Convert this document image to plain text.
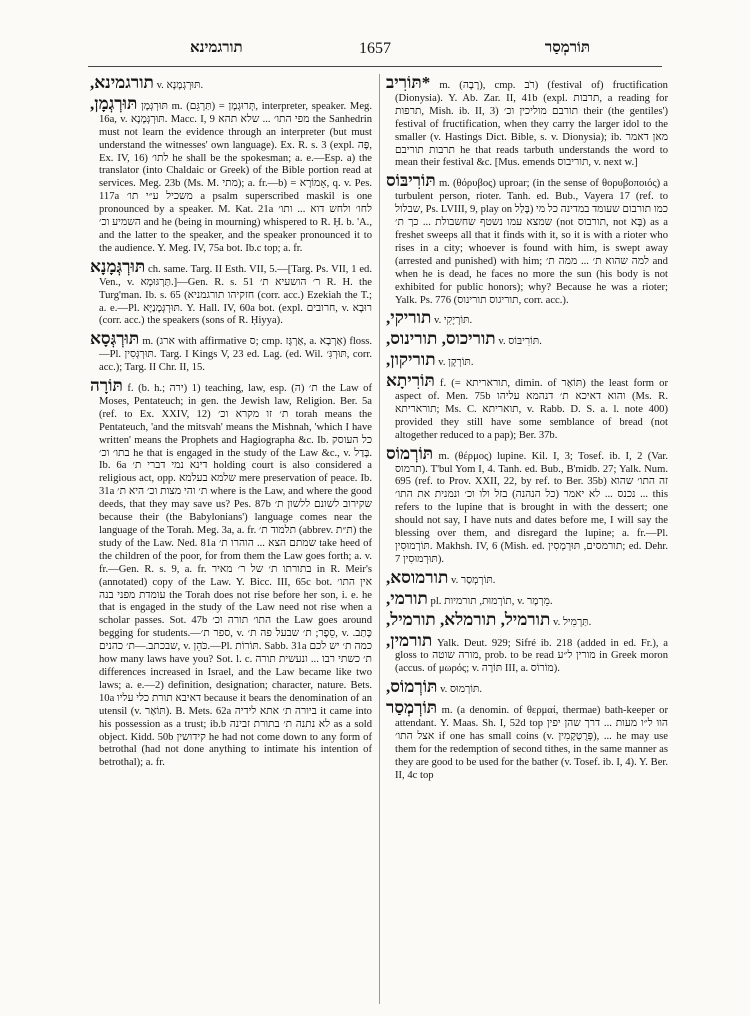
תורגמינא	1657	תּוֹרמְסַר

תורגמינא, v. תּוּרְגְמָנָא.

תּוּרְגְמָן, תּוּרְגְּמָן m. (תַּרְגֵּם) = תְּרוּגְמָן, interpreter, speaker. Meg. 16a, v. תּוּרְגְּמָנָא. Macc. I, 9 מפי התו׳ ... שלא תהא the Sanhedrin must not learn the evidence through an interpreter (but must understand the witnesses' own language). Ex. R. s. 3 (expl. פֶּה, Ex. IV, 16) לתו׳ he shall be the spokesman; a. e.—Esp. a) the translator (into Chaldaic or Greek) of the Bible portion read at services. Meg. 23b (Ms. M. מתי); a. fr.—b) = אָמוֹרָא, q. v. Pes. 117a משכיל ע״י תו׳ a psalm superscribed maskil is one pronounced by a speaker. M. Kat. 21a לחו׳ ולחש דוא ... ותו׳ השמיע וכ׳ and he (being in mourning) whispered to R. Ḥ. b. 'A., and the latter to the speaker, and the speaker pronounced it to the audience. Y. Meg. IV, 75a bot. Ib.c top; a. fr.

תּוּרְגְּמָנָא ch. same. Targ. II Esth. VII, 5.—[Targ. Ps. VII, 1 ed. Ven., v. תַּרְגּוּמָא.]—Gen. R. s. 51 ר׳ הושעיא ת׳ R. H. the Turg'man. Ib. s. 65 (חזקיהו תורגמניא (corr. acc.) Ezekiah the T.; a. e.—Pl. תּוּרְגְּמָנַיָּא. Y. Hall. IV, 60a bot. (expl. חרובים, v. רוּבָא (corr. acc.) the speakers (sons of R. Ḥiyya).

תּוּרְגְּסָא m. (ארג with affirmative ס; cmp. אַרְגָּז, a. אַרְבָא) floss.—Pl. תּוּרְגְּסִין. Targ. I Kings V, 23 ed. Lag. (ed. Wil. תּוּרְגִּ׳, corr. acc.); Targ. II Chr. II, 15.

תּוֹרָה f. (b. h.; ירה) 1) teaching, law, esp. ת׳ (ה) the Law of Moses, Pentateuch; in gen. the Jewish law, Religion. Ber. 5a (ref. to Ex. XXIV, 12) ת׳ זו מקרא וכ׳ torah means the Pentateuch, 'and the mitsvah' means the Mishnah, 'which I have written' means the Prophets and Hagiographa &c. Ib. כל העוסק בתו׳ וכ׳ he that is engaged in the study of the Law &c., v. בָּדַל. Ib. 6a דינא נמי דברי ת׳ holding court is also considered a religious act, opp. שלמא בעלמא mere preservation of peace. Ib. 31a ת׳ והי מצות וכ׳ היא ת׳ where is the Law, and where the good deeds, that they may save us? Pes. 87b שקירוב לשונם ללשון ת׳ because their (the Babylonians') language comes near the language of the Torah. Meg. 3a, a. fr. תלמוד ת׳ (abbrev. ת״ת) the study of the Law. Ned. 81a שמתם הצא ... הוהרו ת׳ take heed of the children of the poor, for from them the Law goes forth; a. v. fr.—Gen. R. s. 9, a. fr. בתורתו ת׳ של ר׳ מאיר in R. Meir's (annotated) copy of the Law. Y. Bicc. III, 65c bot. אין התו׳ עומדת מפני בנה the Torah does not rise before her son, i. e. he that is engaged in the study of the Law need not rise when a scholar passes. Sot. 47b התו׳ תורה וכ׳ the Law goes around begging for students.—ספר ת׳, v. סֵפֶר; ת׳ שבעל פה ת׳, v. כָּתַב. שבכתב.—ת׳ כהנים, v. כֹּהֵן.—Pl. תּוֹרוֹת. Sabb. 31a כמה ת׳ יש לכם how many laws have you? Sot. l. c. ת׳ כשתי רבו ... ונעשית תורה differences increased in Israel, and the Law became like two laws; a. e.—2) definition, designation; character, nature. Bets. 10a דאיבא תורת כלי עליו because it bears the denomination of an utensil (v. תּוֹאַר). B. Mets. 62a ביורה ת׳ אתא לידיה it came into his possession as a trust; ib.b לא נתנה ת׳ בתורת זבינה as a sold object. Kidd. 50b קידושין he had not come down to any form of betrothal (had not done anything to intimate his intention of betrothal); a. fr.

*תּוֹרִיב m. (רָבָה), cmp. רֹב) (festival of) fructification (Dionysia). Y. Ab. Zar. II, 41b (expl. תרבות, a reading for תרפות, Mish. ib. II, 3) תורבם מוליכין וכ׳ their (the gentiles') festival of fructification, when they carry the larger idol to the smaller (v. Hastings Dict. Bible, s. v. Dionysia); ib. מאן דאמר תרבות תוריבם he that reads tarbuth understands the word to mean their festival &c. [Mus. emends תוריבוס, v. next w.]

תּוֹרִיבּוֹס m. (θόρυβος) uproar; (in the sense of θορυβοποιός) a turbulent person, rioter. Tanh. ed. Bub., Vayera 17 (ref. to שבלול, Ps. LVIII, 9, play on בָּלַל) כמו תורבום שעומד במדינה כל מי שמצא עמו נשטף שחשבולת ... כך ת׳ (not תורבוס, not בָּא) as a freshet sweeps all that it finds with it, so it is with a rioter who rises in a city; whoever is found with him, is swept away (arrested and punished) with him; למה שהוא ת׳ ... ממה ת׳ and when he is dead, he faces no more the sun (his body is not exhibited for public honors); why? Because he was a rioter; Yalk. Ps. 776 (תוריגוס תורינוס, corr. acc.).

תוריקי, v. תּוֹרְיָקִי.

תוריכוס, תורינוס, v. תּוֹרִיבּוֹס.

תוריקון, v. תּוֹרְקָן.

תּוֹרִיתָא f. (= תוראריתא, dimin. of תּוֹאַר) the least form or aspect of. Men. 75b והוא דאיכא ת׳ דנהמא עליהו (Ms. R. תוראריתא; Ms. C. תואריתא, v. Rabb. D. S. a. l. note 400) provided they still have some semblance of bread (not altogether reduced to a pap); Ber. 37b.

תּוֹרְמוֹס m. (θέρμος) lupine. Kil. I, 3; Tosef. ib. I, 2 (Var. תרמוס). T'bul Yom I, 4. Tanh. ed. Bub., B'midb. 27; Yalk. Num. 695 (ref. to Prov. XXII, 22, by ref. to Ber. 35b) זה התו׳ שהוא נכנס ... לא יאמר (כל הנהנה) בזל ולו וכ׳ ונמנית את התו׳ ... this refers to the lupine that is brought in with the dessert; one should not say, I have nuts and dates before me, I will say the blessing over them, and disregard the lupine; a. fr.—Pl. תּוֹרְמוּסִין. Makhsh. IV, 6 (Mish. ed. תורמסים, תּוּרְמְסִין; ed. Dehr. 7 תּוּרְמוּסִין).

תורמוסא, v. תּוֹרְמְסַר.

תורמי, pl. תוֹרְמוּת, תורמיות, v. מֵרְמָר.

תורמיל, תורמלא, תורמיל, v. תַּרְמִיל.

תורמין, Yalk. Deut. 929; Sifré ib. 218 (added in ed. Fr.), a gloss to מורה שוטה, prob. to be read מורין ל״ע in Greek moron (accus. of μωρός; v. תּוֹרָה III, a. מוֹרוֹס).

תּוֹרְמוֹס, v. תּוֹרְמוּס.

תּוֹרְמְסַר m. (a denomin. of θερμαί, thermae) bath-keeper or attendant. Y. Maas. Sh. I, 52d top הוו ל״ו מעות ... דרך שהן יפין אצל התו׳ if one has small coins (v. פְּרֻטְקָמִין), ... he may use them for the redemption of second tithes, in the same manner as they are good to be used for the bather (v. Tosef. ib. I, 4). Y. Ber. II, 4c top
